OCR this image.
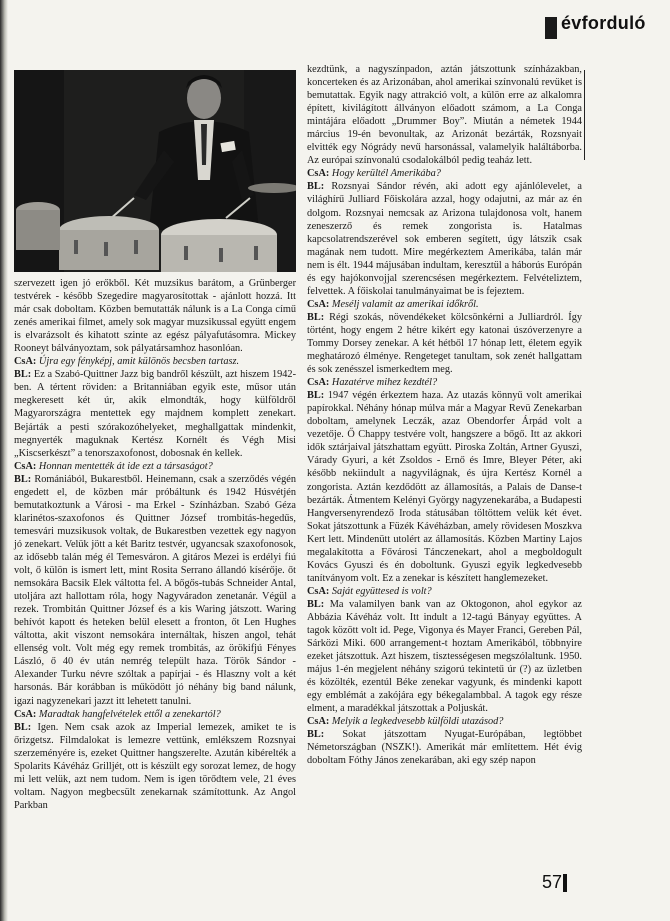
évforduló

szervezett igen jó erőkből. Két muzsikus barátom, a Grünberger testvérek - később Szegedire magyarosítottak - ajánlott hozzá. Itt már csak doboltam. Közben bemutatták nálunk is a La Conga című zenés amerikai filmet, amely sok magyar muzsikussal együtt engem is elvarázsolt és kihatott szinte az egész pályafutásomra. Mickey Rooneyt bálványoztam, sok pályatársamhoz hasonlóan.

CsA: Újra egy fényképj, amit különös becsben tartasz.

BL: Ez a Szabó-Quittner Jazz big bandről készült, azt hiszem 1942-ben. A tértent röviden: a Britanniában egyik este, műsor után megkeresett két úr, akik elmondták, hogy külföldről Magyarországra mentettek egy majdnem komplett zenekart. Bejárták a pesti szórakozóhelyeket, meghallgattak mindenkit, megnyerték maguknak Kertész Kornélt és Végh Misi „Kiscserkészt” a tenorszaxofonost, dobosnak én kellek.

CsA: Honnan mentették át ide ezt a társaságot?

BL: Romániából, Bukarestből. Heinemann, csak a szerződés végén engedett el, de közben már próbáltunk és 1942 Húsvétjén bemutatkoztunk a Városi - ma Erkel - Színházban. Szabó Géza klarinétos-szaxofonos és Quittner József trombitás-hegedűs, temesvári muzsikusok voltak, de Bukarestben vezettek egy nagyon jó zenekart. Velük jött a két Baritz testvér, ugyancsak szaxofonosok, az idősebb talán még él Temesváron. A gitáros Mezei is erdélyi fiú volt, ő külön is ismert lett, mint Rosita Serrano állandó kísérője. őt nemsokára Bacsik Elek váltotta fel. A bőgős-tubás Schneider Antal, utoljára azt hallottam róla, hogy Nagyváradon zenetanár. Végül a rezek. Trombitán Quittner József és a kis Waring játszott. Waring behívót kapott és heteken belül elesett a fronton, őt Len Hughes váltotta, akit viszont nemsokára internáltak, hiszen angol, tehát ellenség volt. Volt még egy remek trombitás, az örökifjú Fényes László, ő 40 év után nemrég települt haza. Török Sándor - Alexander Turku névre szóltak a papírjai - és Hlaszny volt a két harsonás. Bár korábban is működött jó néhány big band nálunk, igazi nagyzenekari jazzt itt lehetett tanulni.

CsA: Maradtak hangfelvételek ettől a zenekartól?

BL: Igen. Nem csak azok az Imperial lemezek, amiket te is őrizgetsz. Filmdalokat is lemezre vettünk, emlékszem Rozsnyai szerzeményére is, ezeket Quittner hangszerelte. Azután kibérelték a Spolarits Kávéház Grilljét, ott is készült egy sorozat lemez, de hogy mi lett velük, azt nem tudom. Nem is igen törődtem vele, 21 éves voltam. Nagyon megbecsült zenekarnak számítottunk. Az Angol Parkban

kezdtünk, a nagyszínpadon, aztán játszottunk színházakban, koncerteken és az Arizonában, ahol amerikai színvonalú revüket is bemutattak. Egyik nagy attrakció volt, a külön erre az alkalomra épített, kivilágított állványon előadott számom, a La Conga mintájára előadott „Drummer Boy”. Miután a németek 1944 március 19-én bevonultak, az Arizonát bezárták, Rozsnyait elvitték egy Nógrády nevű harsonással, valamelyik haláltáborba. Az európai színvonalú csodalokálból pedig teaház lett.

CsA: Hogy kerültél Amerikába?

BL: Rozsnyai Sándor révén, aki adott egy ajánlólevelet, a világhírű Julliard Főiskolára azzal, hogy odajutni, az már az én dolgom. Rozsnyai nemcsak az Arizona tulajdonosa volt, hanem zeneszerző és remek zongorista is. Hatalmas kapcsolatrendszerével sok emberen segített, úgy látszik csak magának nem tudott. Mire megérkeztem Amerikába, talán már nem is élt. 1944 májusában indultam, keresztül a háborús Európán és egy hajókonvojjal szerencsésen megérkeztem. Felvételiztem, felvettek. A főiskolai tanulmányaimat be is fejeztem.

CsA: Mesélj valamit az amerikai időkről.

BL: Régi szokás, növendékeket kölcsönkérni a Julliardról. Így történt, hogy engem 2 hétre kikért egy katonai úszóverzenyre a Tommy Dorsey zenekar. A két hétből 17 hónap lett, életem egyik meghatározó élménye. Rengeteget tanultam, sok zenét hallgattam és sok zenésszel ismerkedtem meg.

CsA: Hazatérve mihez kezdtél?

BL: 1947 végén érkeztem haza. Az utazás könnyű volt amerikai papírokkal. Néhány hónap múlva már a Magyar Revü Zenekarban doboltam, amelynek Leczák, azaz Obendorfer Árpád volt a vezetője. Ő Chappy testvére volt, hangszere a bőgő. Itt az akkori idők sztárjaival játszhattam együtt. Piroska Zoltán, Artner Gyuszi, Várady Gyuri, a két Zsoldos - Ernő és Imre, Bleyer Péter, aki később nekiindult a nagyvilágnak, és újra Kertész Kornél a zongorista. Aztán kezdődött az államosítás, a Palais de Danse-t bezárták. Átmentem Kelényi György nagyzenekarába, a Budapesti Hangversenyrendező Iroda státusában töltöttem velük két évet. Sokat játszottunk a Füzék Kávéházban, amely rövidesen Moszkva Kert lett. Mindenütt utolért az államosítás. Közben Martiny Lajos megalakította a Fővárosi Tánczenekart, ahol a megboldogult Kovács Gyuszi és én doboltunk. Gyuszi egyik legkedvesebb tanítványom volt. Ez a zenekar is készített hanglemezeket.

CsA: Saját együttesed is volt?

BL: Ma valamilyen bank van az Oktogonon, ahol egykor az Abbázia Kávéház volt. Itt indult a 12-tagú Bányay együttes. A tagok között volt id. Pege, Vigonya és Mayer Franci, Gereben Pál, Sárközi Miki. 600 arrangement-t hoztam Amerikából, többnyire ezeket játszottuk. Azt hiszem, tisztességesen megszólaltunk. 1950. május 1-én megjelent néhány szigorú tekintetű úr (?) az üzletben és közölték, ezentúl Béke zenekar vagyunk, és mindenki kapott egy emblémát a zakójára egy békegalambbal. A tagok egy része elment, a maradékkal játszottak a Poljuskát.

CsA: Melyik a legkedvesebb külföldi utazásod?

BL: Sokat játszottam Nyugat-Európában, legtöbbet Németországban (NSZK!). Amerikát már említettem. Hét évig doboltam Fóthy János zenekarában, aki egy szép napon

57
